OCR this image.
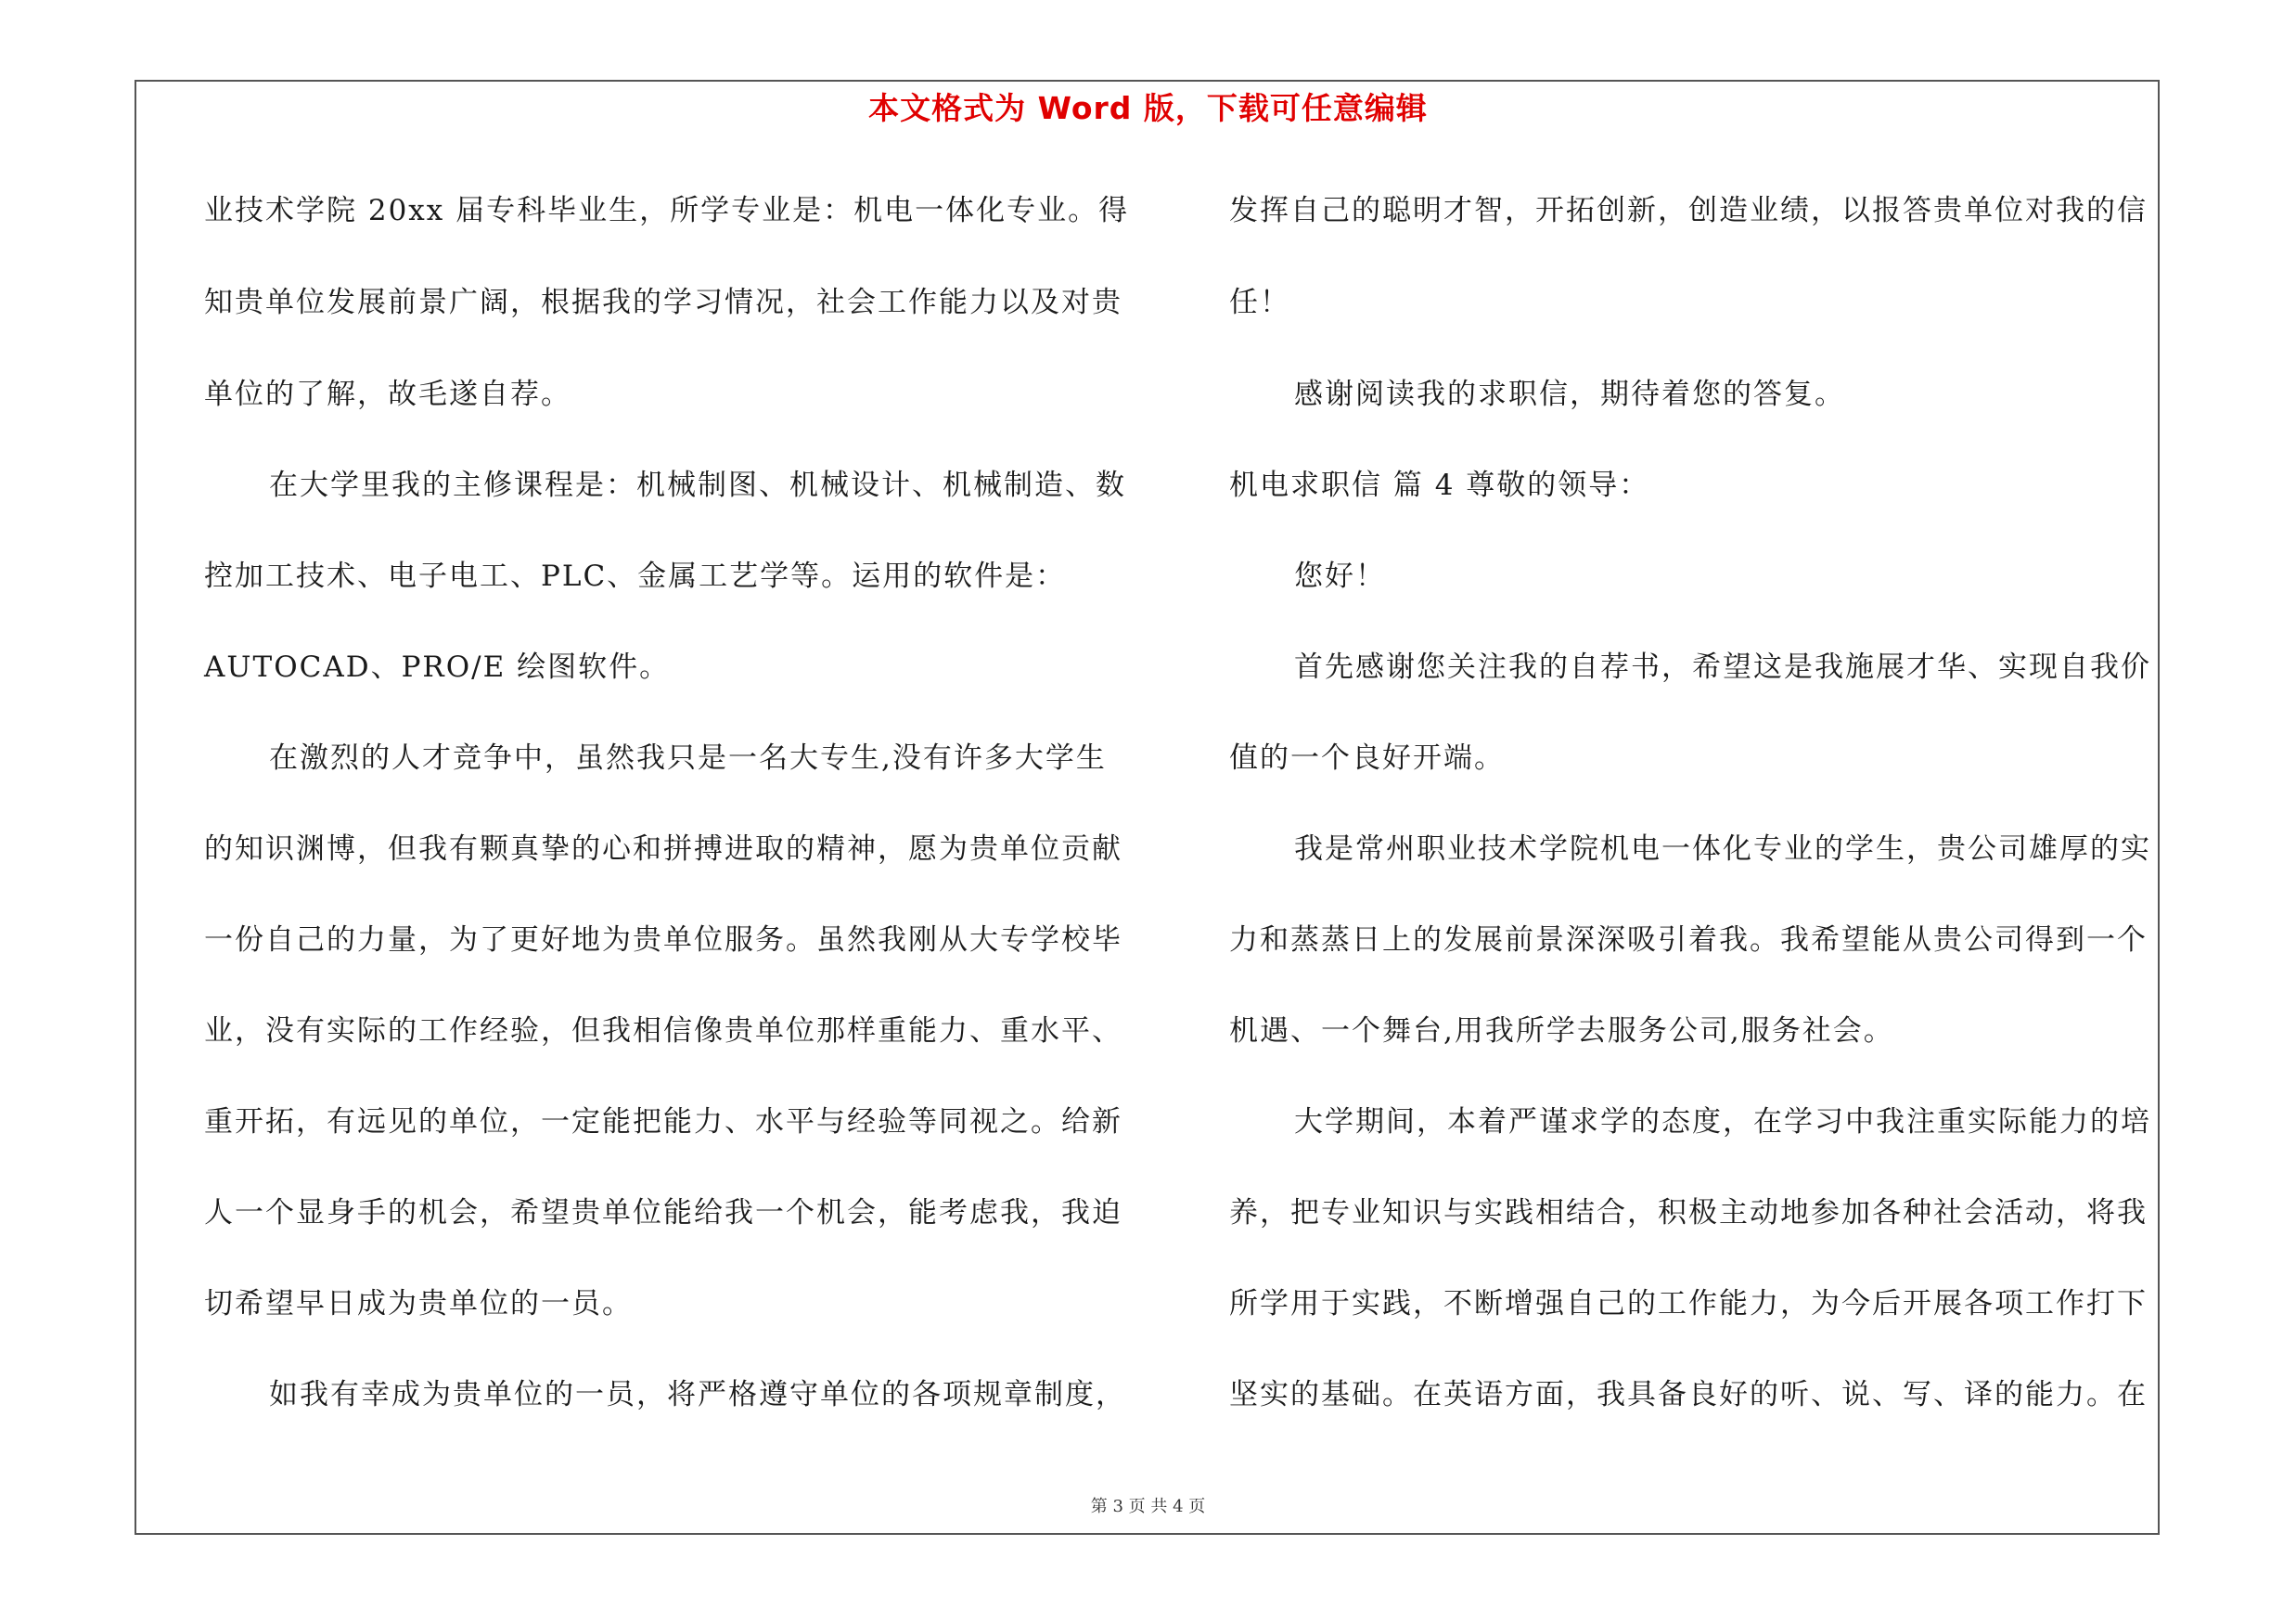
本文格式为 Word 版，下载可任意编辑
业技术学院 20xx 届专科毕业生，所学专业是：机电一体化专业。得
知贵单位发展前景广阔，根据我的学习情况，社会工作能力以及对贵
单位的了解，故毛遂自荐。
在大学里我的主修课程是：机械制图、机械设计、机械制造、数
控加工技术、电子电工、PLC、金属工艺学等。运用的软件是：
AUTOCAD、PRO/E 绘图软件。
在激烈的人才竞争中，虽然我只是一名大专生,没有许多大学生
的知识渊博，但我有颗真挚的心和拼搏进取的精神，愿为贵单位贡献
一份自己的力量，为了更好地为贵单位服务。虽然我刚从大专学校毕
业，没有实际的工作经验，但我相信像贵单位那样重能力、重水平、
重开拓，有远见的单位，一定能把能力、水平与经验等同视之。给新
人一个显身手的机会，希望贵单位能给我一个机会，能考虑我，我迫
切希望早日成为贵单位的一员。
如我有幸成为贵单位的一员，将严格遵守单位的各项规章制度，
发挥自己的聪明才智，开拓创新，创造业绩，以报答贵单位对我的信
任！
感谢阅读我的求职信，期待着您的答复。
机电求职信 篇 4 尊敬的领导：
您好！
首先感谢您关注我的自荐书，希望这是我施展才华、实现自我价
值的一个良好开端。
我是常州职业技术学院机电一体化专业的学生，贵公司雄厚的实
力和蒸蒸日上的发展前景深深吸引着我。我希望能从贵公司得到一个
机遇、一个舞台,用我所学去服务公司,服务社会。
大学期间，本着严谨求学的态度，在学习中我注重实际能力的培
养，把专业知识与实践相结合，积极主动地参加各种社会活动，将我
所学用于实践，不断增强自己的工作能力，为今后开展各项工作打下
坚实的基础。在英语方面，我具备良好的听、说、写、译的能力。在
第 3 页 共 4 页
